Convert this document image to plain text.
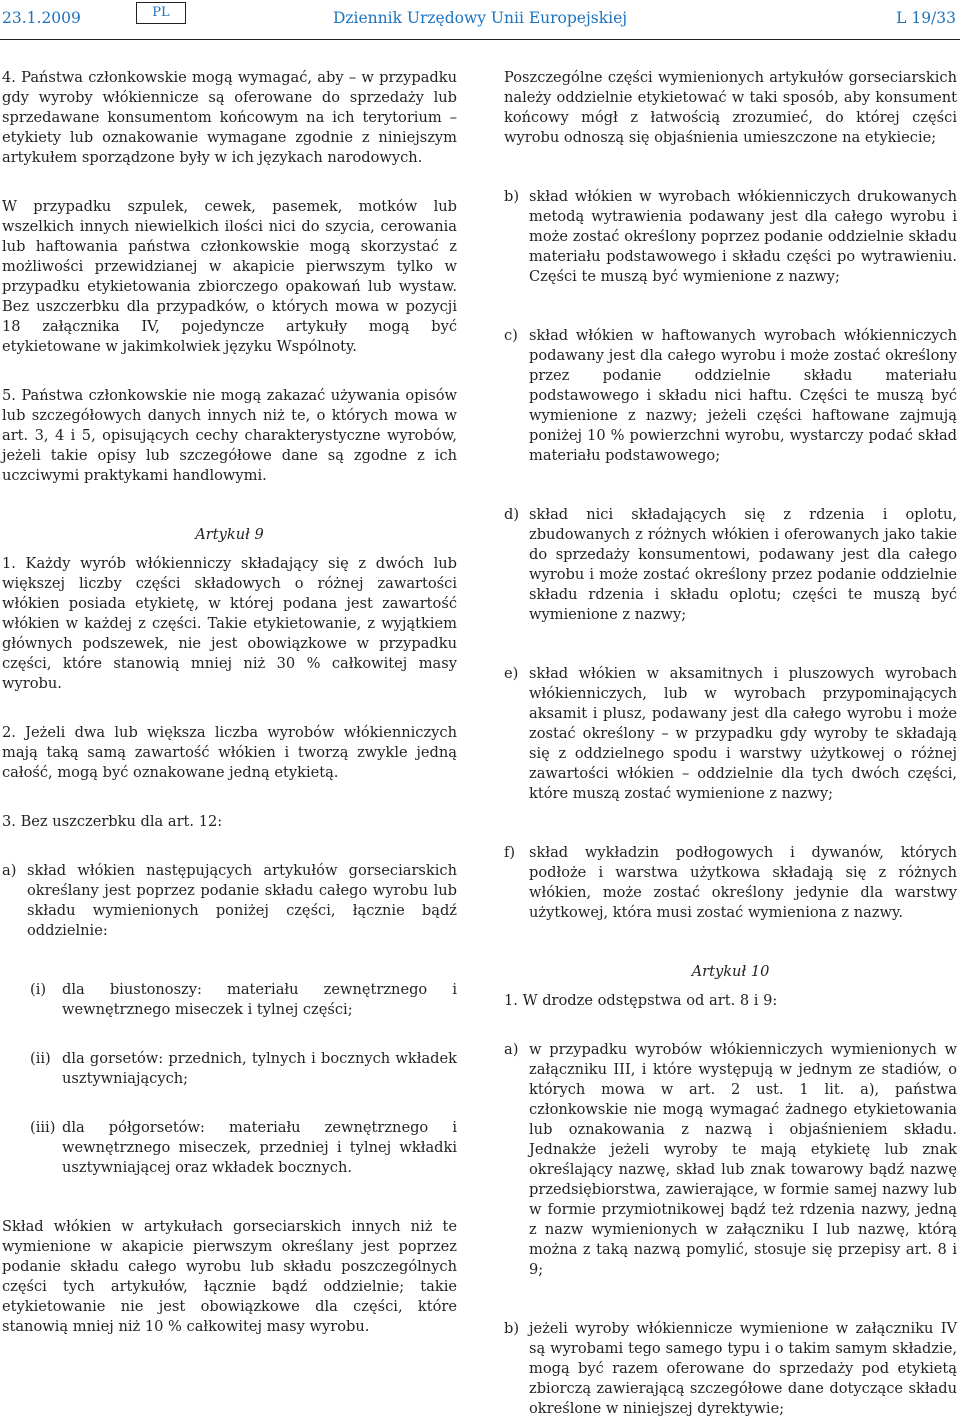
23.1.2009	PL	Dziennik Urzędowy Unii Europejskiej	L 19/33

4. Państwa członkowskie mogą wymagać, aby – w przypadku gdy wyroby włókiennicze są oferowane do sprzedaży lub sprzedawane konsumentom końcowym na ich terytorium – etykiety lub oznakowanie wymagane zgodnie z niniejszym artykułem sporządzone były w ich językach narodowych.

W przypadku szpulek, cewek, pasemek, motków lub wszelkich innych niewielkich ilości nici do szycia, cerowania lub haftowania państwa członkowskie mogą skorzystać z możliwości przewidzianej w akapicie pierwszym tylko w przypadku etykietowania zbiorczego opakowań lub wystaw. Bez uszczerbku dla przypadków, o których mowa w pozycji 18 załącznika IV, pojedyncze artykuły mogą być etykietowane w jakimkolwiek języku Wspólnoty.

5. Państwa członkowskie nie mogą zakazać używania opisów lub szczegółowych danych innych niż te, o których mowa w art. 3, 4 i 5, opisujących cechy charakterystyczne wyrobów, jeżeli takie opisy lub szczegółowe dane są zgodne z ich uczciwymi praktykami handlowymi.

Artykuł 9

1. Każdy wyrób włókienniczy składający się z dwóch lub większej liczby części składowych o różnej zawartości włókien posiada etykietę, w której podana jest zawartość włókien w każdej z części. Takie etykietowanie, z wyjątkiem głównych podszewek, nie jest obowiązkowe w przypadku części, które stanowią mniej niż 30 % całkowitej masy wyrobu.

2. Jeżeli dwa lub większa liczba wyrobów włókienniczych mają taką samą zawartość włókien i tworzą zwykle jedną całość, mogą być oznakowane jedną etykietą.

3. Bez uszczerbku dla art. 12:

a) skład włókien następujących artykułów gorseciarskich określany jest poprzez podanie składu całego wyrobu lub składu wymienionych poniżej części, łącznie bądź oddzielnie:
(i)	dla biustonoszy: materiału zewnętrznego i wewnętrznego miseczek i tylnej części;
(ii) dla gorsetów: przednich, tylnych i bocznych wkładek usztywniających;
(iii) dla półgorsetów: materiału zewnętrznego i wewnętrznego miseczek, przedniej i tylnej wkładki usztywniającej oraz wkładek bocznych.

Skład włókien w artykułach gorseciarskich innych niż te wymienione w akapicie pierwszym określany jest poprzez podanie składu całego wyrobu lub składu poszczególnych części tych artykułów, łącznie bądź oddzielnie; takie etykietowanie nie jest obowiązkowe dla części, które stanowią mniej niż 10 % całkowitej masy wyrobu.

Poszczególne części wymienionych artykułów gorseciarskich należy oddzielnie etykietować w taki sposób, aby konsument końcowy mógł z łatwością zrozumieć, do której części wyrobu odnoszą się objaśnienia umieszczone na etykiecie;

b) skład włókien w wyrobach włókienniczych drukowanych metodą wytrawienia podawany jest dla całego wyrobu i może zostać określony poprzez podanie oddzielnie składu materiału podstawowego i składu części po wytrawieniu. Części te muszą być wymienione z nazwy;
c) skład włókien w haftowanych wyrobach włókienniczych podawany jest dla całego wyrobu i może zostać określony przez podanie oddzielnie składu materiału podstawowego i składu nici haftu. Części te muszą być wymienione z nazwy; jeżeli części haftowane zajmują poniżej 10 % powierzchni wyrobu, wystarczy podać skład materiału podstawowego;
d) skład nici składających się z rdzenia i oplotu, zbudowanych z różnych włókien i oferowanych jako takie do sprzedaży konsumentowi, podawany jest dla całego wyrobu i może zostać określony przez podanie oddzielnie składu rdzenia i składu oplotu; części te muszą być wymienione z nazwy;
e) skład włókien w aksamitnych i pluszowych wyrobach włókienniczych, lub w wyrobach przypominających aksamit i plusz, podawany jest dla całego wyrobu i może zostać określony – w przypadku gdy wyroby te składają się z oddzielnego spodu i warstwy użytkowej o różnej zawartości włókien – oddzielnie dla tych dwóch części, które muszą zostać wymienione z nazwy;
f) skład wykładzin podłogowych i dywanów, których podłoże i warstwa użytkowa składają się z różnych włókien, może zostać określony jedynie dla warstwy użytkowej, która musi zostać wymieniona z nazwy.

Artykuł 10

1. W drodze odstępstwa od art. 8 i 9:

a) w przypadku wyrobów włókienniczych wymienionych w załączniku III, i które występują w jednym ze stadiów, o których mowa w art. 2 ust. 1 lit. a), państwa członkowskie nie mogą wymagać żadnego etykietowania lub oznakowania z nazwą i objaśnieniem składu. Jednakże jeżeli wyroby te mają etykietę lub znak określający nazwę, skład lub znak towarowy bądź nazwę przedsiębiorstwa, zawierające, w formie samej nazwy lub w formie przymiotnikowej bądź też rdzenia nazwy, jedną z nazw wymienionych w załączniku I lub nazwę, którą można z taką nazwą pomylić, stosuje się przepisy art. 8 i 9;
b) jeżeli wyroby włókiennicze wymienione w załączniku IV są wyrobami tego samego typu i o takim samym składzie, mogą być razem oferowane do sprzedaży pod etykietą zbiorczą zawierającą szczegółowe dane dotyczące składu określone w niniejszej dyrektywie;
